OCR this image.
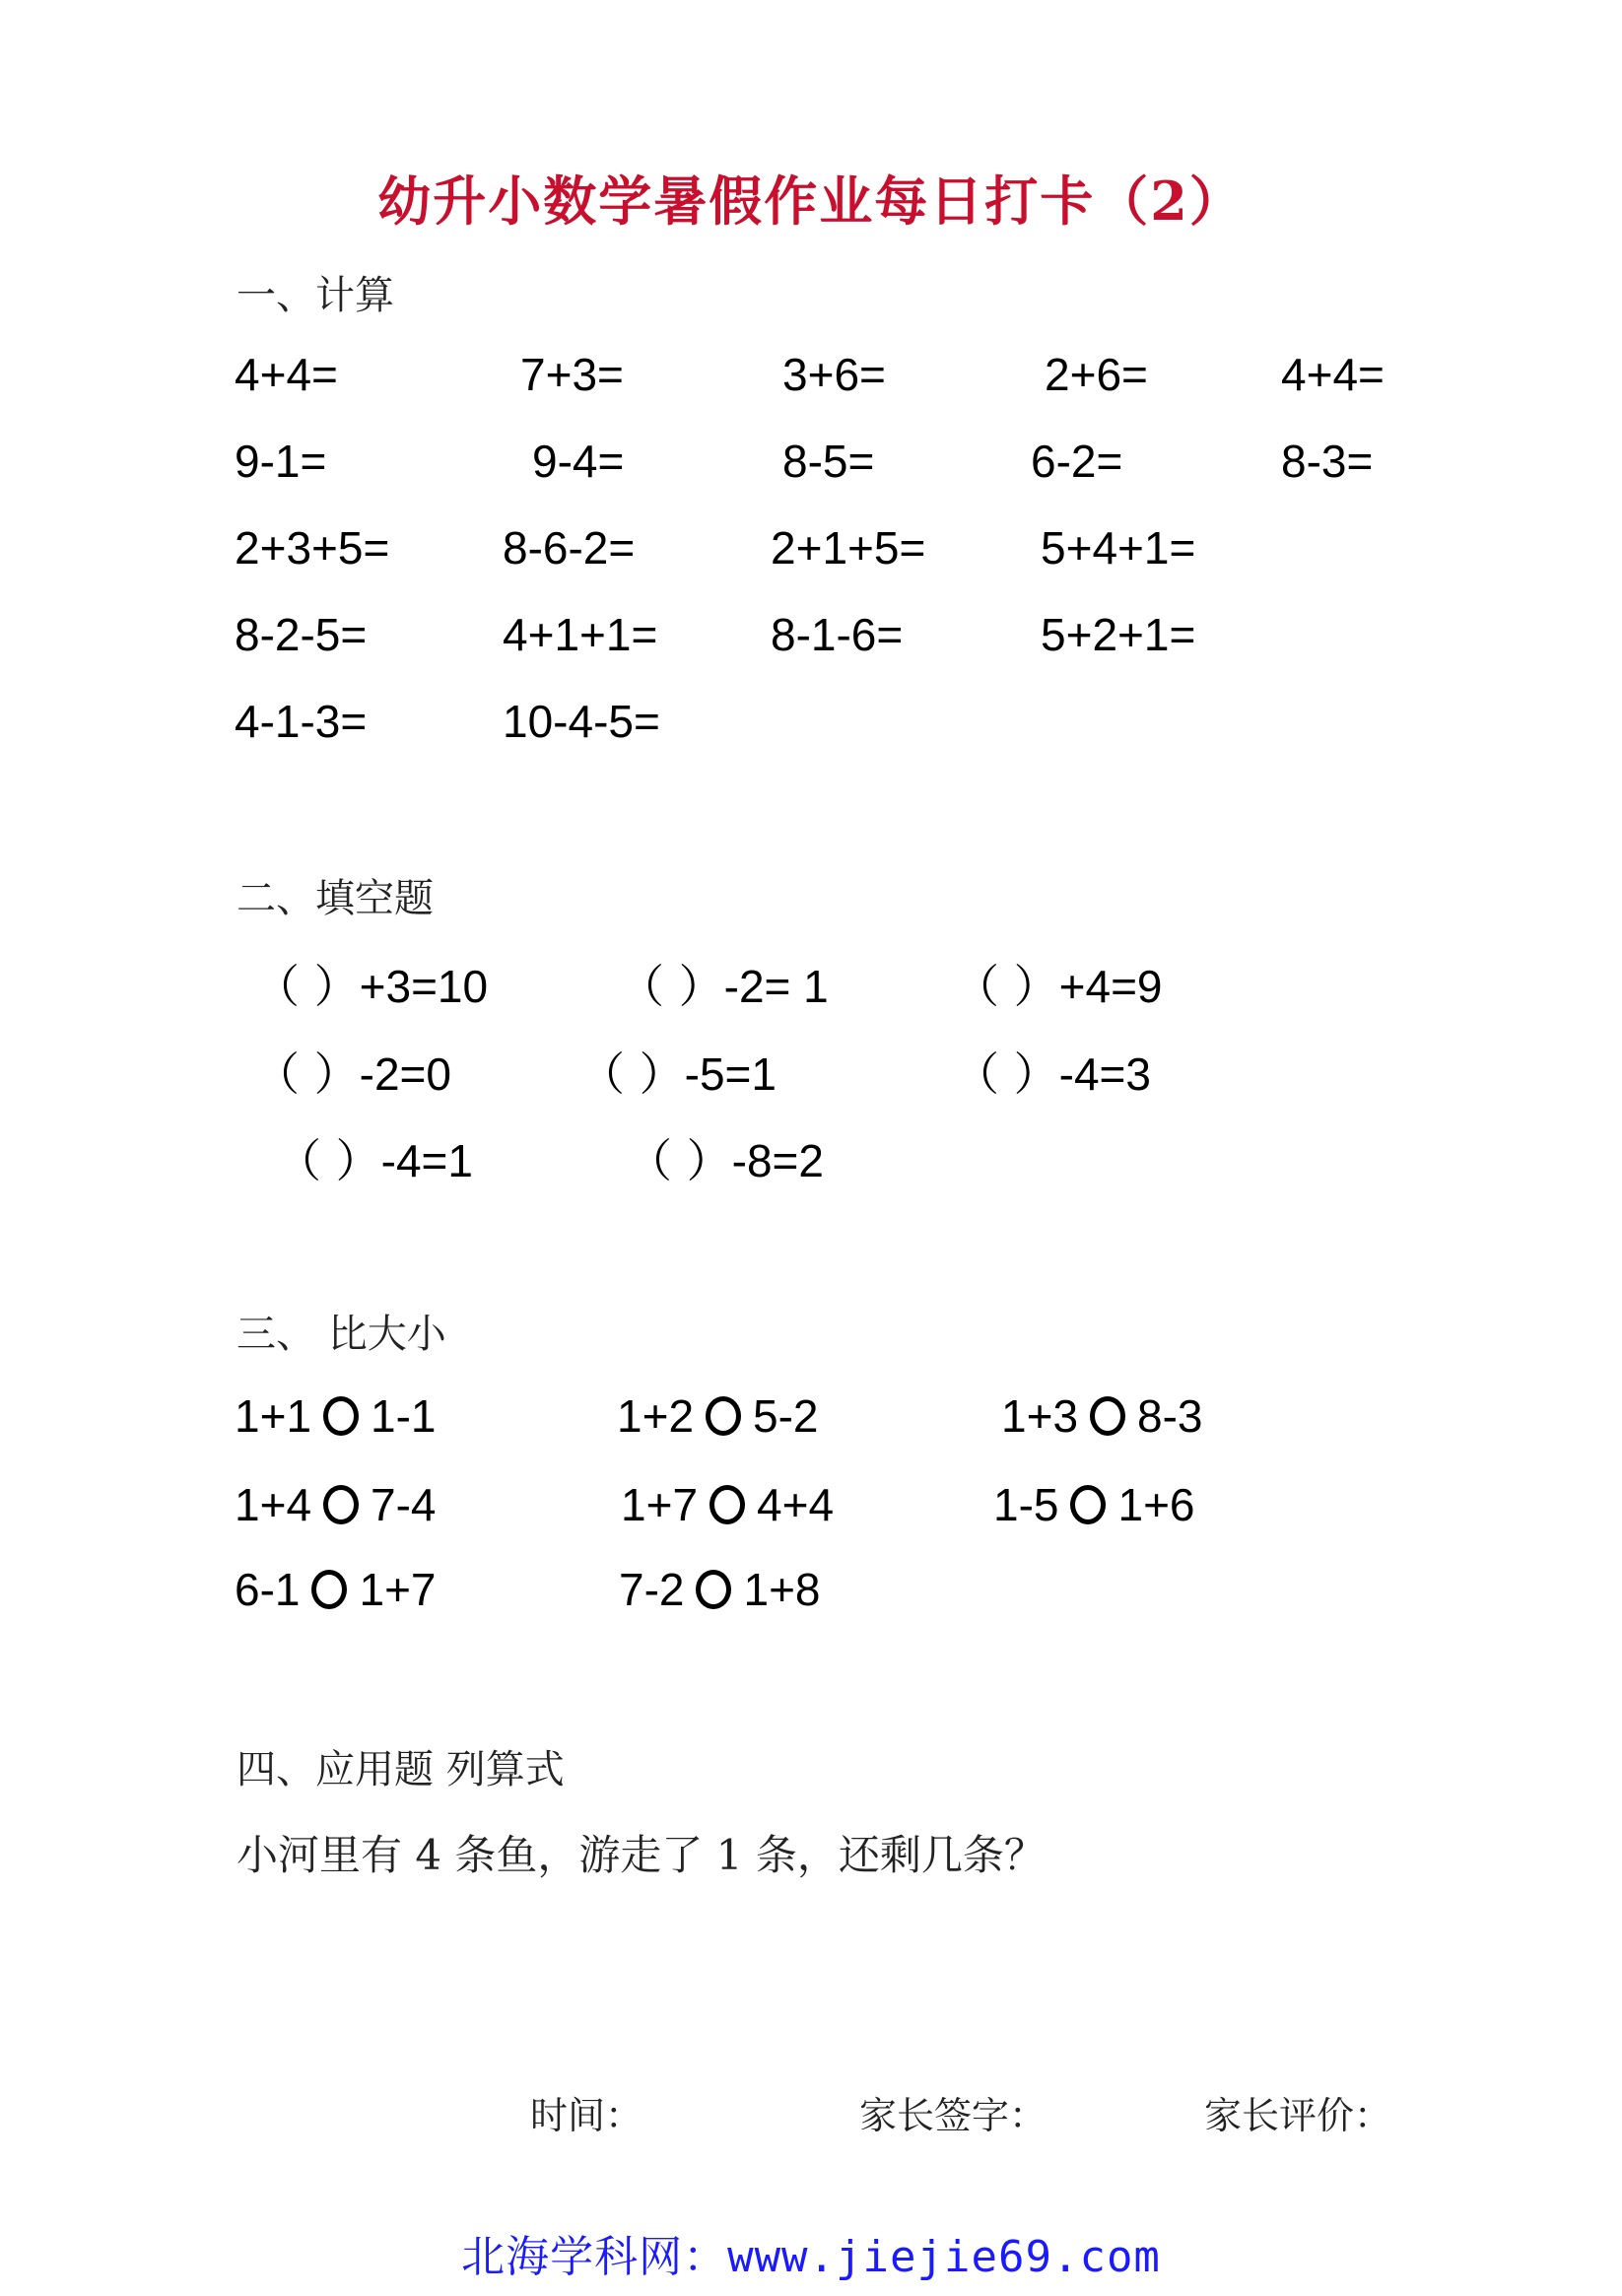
幼升小数学暑假作业每日打卡（2）
一、计算
4+4=	7+3=	3+6=	2+6=	4+4=
9-1=	9-4=	8-5=	6-2=	8-3=
2+3+5= 8-6-2=	2+1+5=	5+4+1=
8-2-5=	4+1+1= 8-1-6=	5+2+1=
4-1-3=	10-4-5=
二、填空题
（ ）+3=10	（ ）-2= 1	（ ）+4=9
（ ）-2=0	（ ）-5=1	（ ）-4=3
（ ）-4=1	（ ）-8=2
三、 比大小
1+1 1-1	1+2 5-2	1+3 8-3
1+4 7-4	1+7 4+4	1-5 1+6
6-1 1+7	7-2 1+8
四、应用题 列算式
小河里有 4 条鱼，游走了 1 条，还剩几条？
时间：	家长签字：	家长评价：
北海学科网：www.jiejie69.com
